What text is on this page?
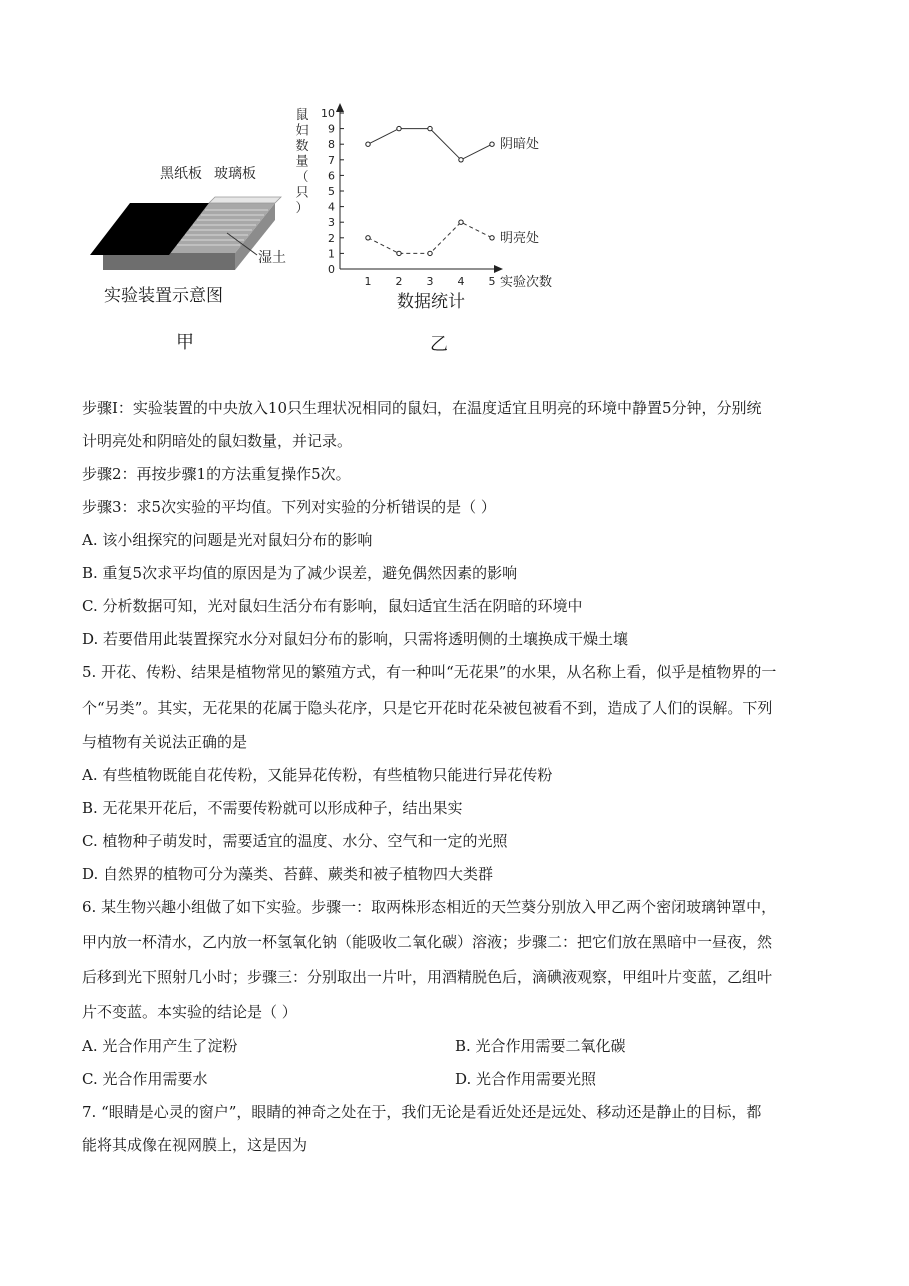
黑纸板 玻璃板
湿土
实验装置示意图
甲
0
1
2
3
4
5
6
7
8
9
10
1 2 3 4 5
阴暗处
明亮处
鼠
妇
数
量
（
只
）
实验次数
数据统计
乙
步骤I：实验装置的中央放入10只生理状况相同的鼠妇，在温度适宜且明亮的环境中静置5分钟，分别统
计明亮处和阴暗处的鼠妇数量，并记录。
步骤2：再按步骤1的方法重复操作5次。
步骤3：求5次实验的平均值。下列对实验的分析错误的是（ ）
A. 该小组探究的问题是光对鼠妇分布的影响
B. 重复5次求平均值的原因是为了减少误差，避免偶然因素的影响
C. 分析数据可知，光对鼠妇生活分布有影响，鼠妇适宜生活在阴暗的环境中
D. 若要借用此装置探究水分对鼠妇分布的影响，只需将透明侧的土壤换成干燥土壤
5. 开花、传粉、结果是植物常见的繁殖方式，有一种叫“无花果”的水果，从名称上看，似乎是植物界的一
个“另类”。其实，无花果的花属于隐头花序，只是它开花时花朵被包被看不到，造成了人们的误解。下列
与植物有关说法正确的是
A. 有些植物既能自花传粉，又能异花传粉，有些植物只能进行异花传粉
B. 无花果开花后，不需要传粉就可以形成种子，结出果实
C. 植物种子萌发时，需要适宜的温度、水分、空气和一定的光照
D. 自然界的植物可分为藻类、苔藓、蕨类和被子植物四大类群
6. 某生物兴趣小组做了如下实验。步骤一：取两株形态相近的天竺葵分别放入甲乙两个密闭玻璃钟罩中，
甲内放一杯清水，乙内放一杯氢氧化钠（能吸收二氧化碳）溶液；步骤二：把它们放在黑暗中一昼夜，然
后移到光下照射几小时；步骤三：分别取出一片叶，用酒精脱色后，滴碘液观察，甲组叶片变蓝，乙组叶
片不变蓝。本实验的结论是（ ）
A. 光合作用产生了淀粉	B. 光合作用需要二氧化碳
C. 光合作用需要水	D. 光合作用需要光照
7. “眼睛是心灵的窗户”，眼睛的神奇之处在于，我们无论是看近处还是远处、移动还是静止的目标，都
能将其成像在视网膜上，这是因为
